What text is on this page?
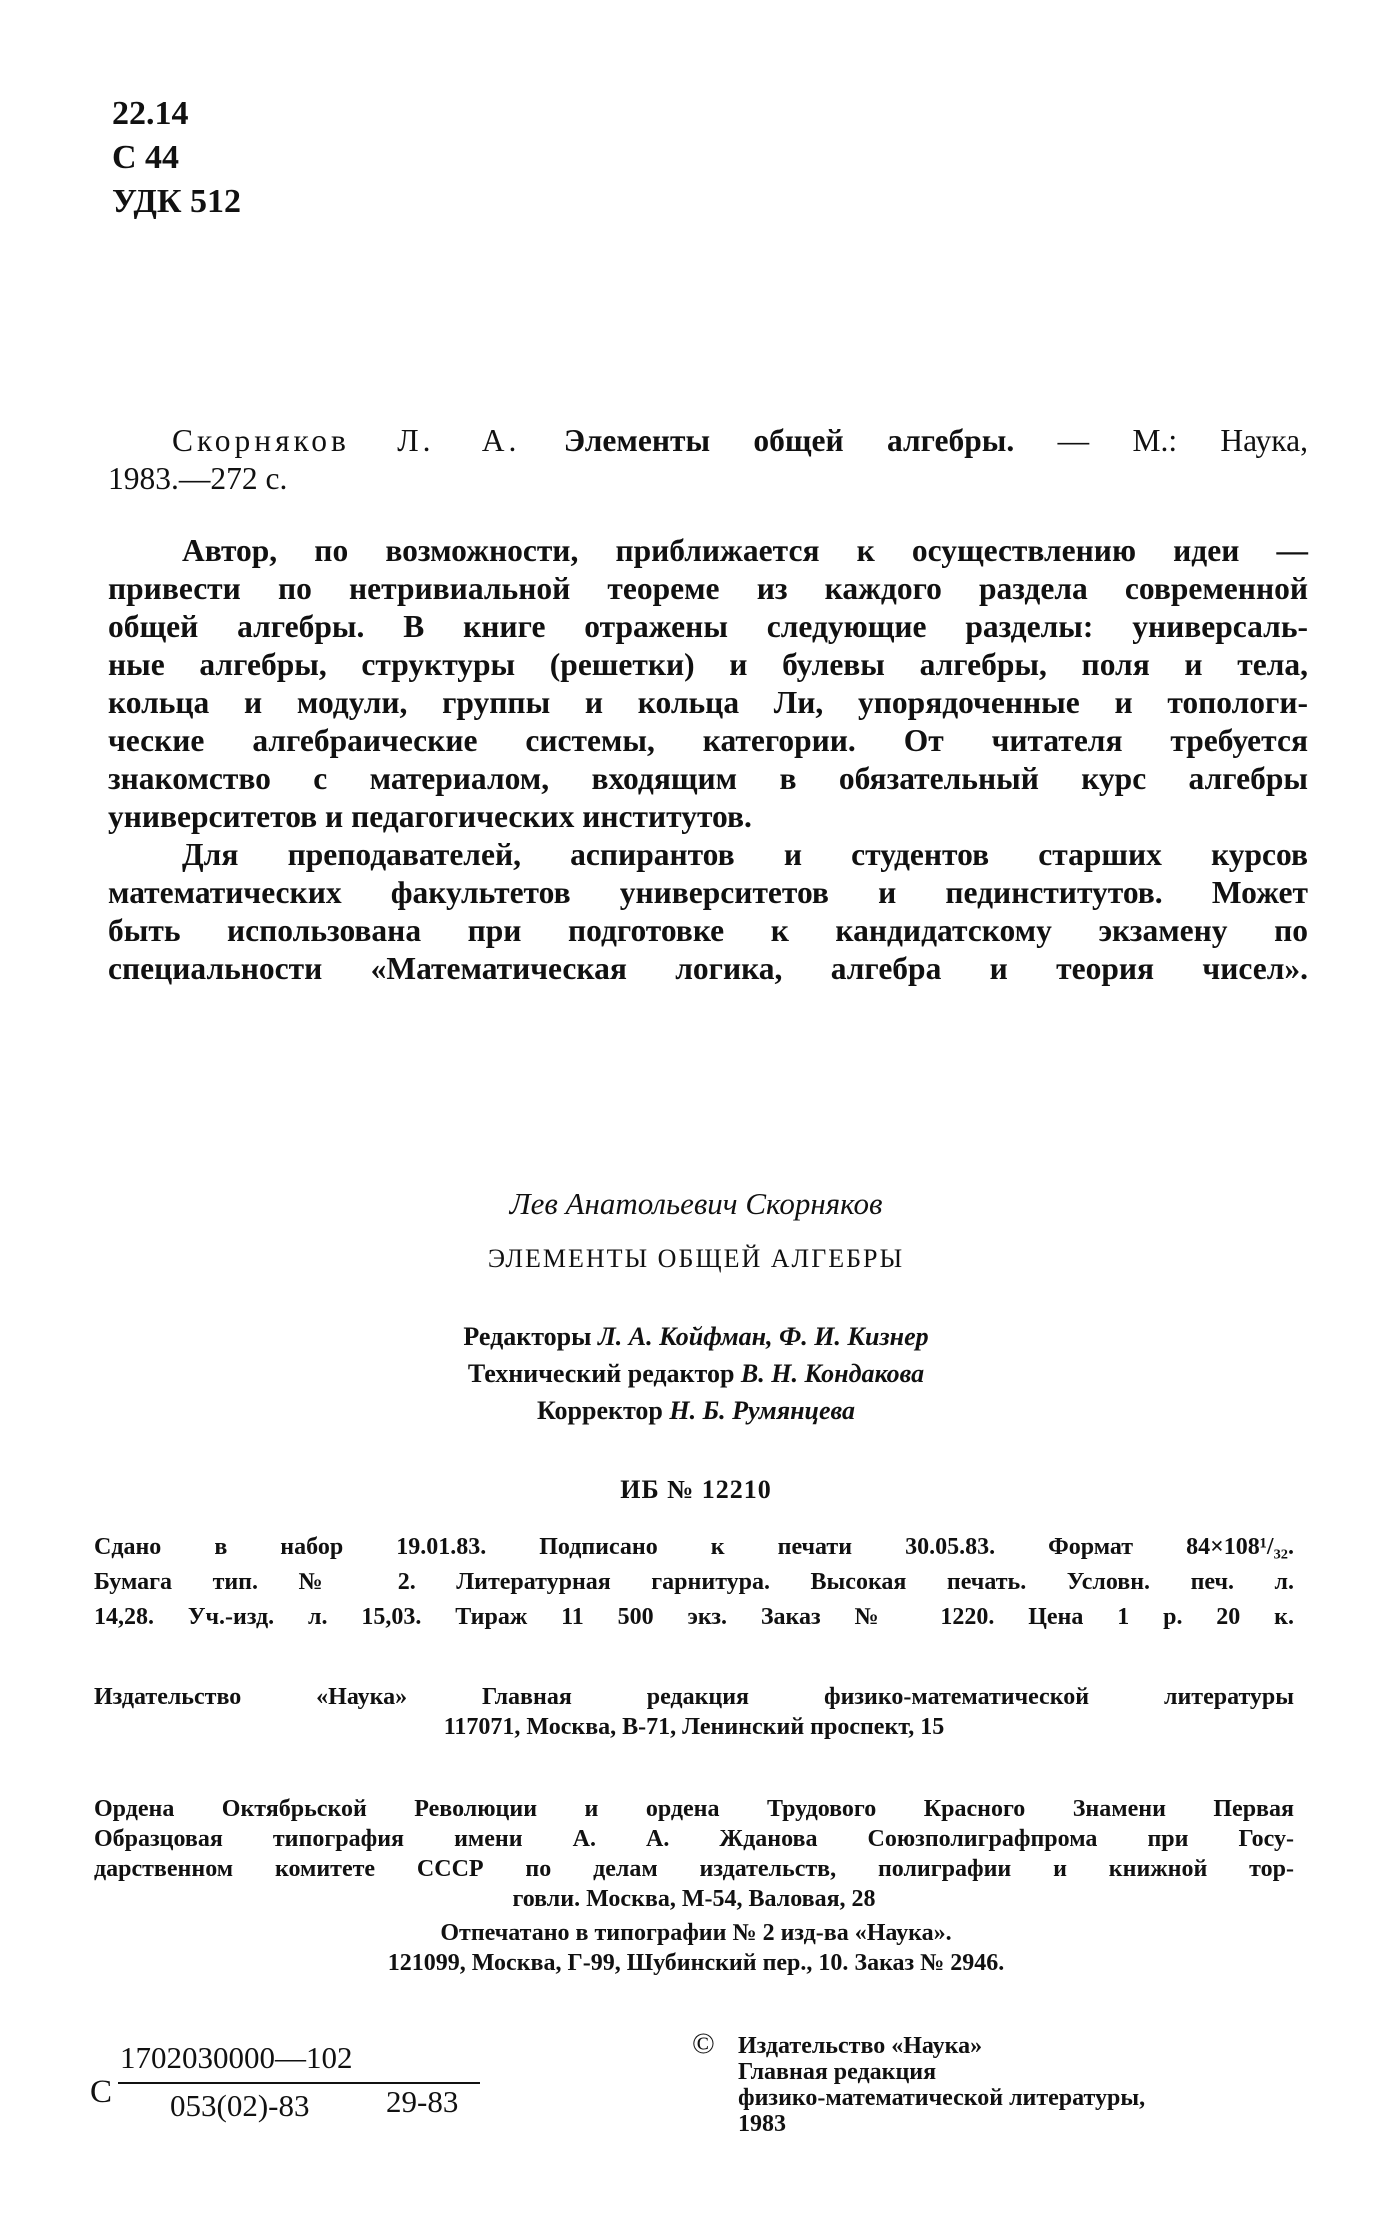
22.14
С 44
УДК 512
Скорняков Л. А. Элементы общей алгебры. — М.: Наука,
1983.—272 с.
Автор, по возможности, приближается к осуществлению идеи —
привести по нетривиальной теореме из каждого раздела современной
общей алгебры. В книге отражены следующие разделы: универсаль-
ные алгебры, структуры (решетки) и булевы алгебры, поля и тела,
кольца и модули, группы и кольца Ли, упорядоченные и топологи-
ческие алгебраические системы, категории. От читателя требуется
знакомство с материалом, входящим в обязательный курс алгебры
университетов и педагогических институтов.
Для преподавателей, аспирантов и студентов старших курсов
математических факультетов университетов и пединститутов. Может
быть использована при подготовке к кандидатскому экзамену по
специальности «Математическая логика, алгебра и теория чисел».
Лев Анатольевич Скорняков
ЭЛЕМЕНТЫ ОБЩЕЙ АЛГЕБРЫ
Редакторы Л. А. Койфман, Ф. И. Кизнер
Технический редактор В. Н. Кондакова
Корректор Н. Б. Румянцева
ИБ № 12210
Сдано в набор 19.01.83. Подписано к печати 30.05.83. Формат 84×108¹/₃₂.
Бумага тип. № 2. Литературная гарнитура. Высокая печать. Условн. печ. л.
14,28. Уч.-изд. л. 15,03. Тираж 11 500 экз. Заказ № 1220. Цена 1 р. 20 к.
Издательство «Наука» Главная редакция физико-математической литературы
117071, Москва, В-71, Ленинский проспект, 15
Ордена Октябрьской Революции и ордена Трудового Красного Знамени Первая
Образцовая типография имени А. А. Жданова Союзполиграфпрома при Госу-
дарственном комитете СССР по делам издательств, полиграфии и книжной тор-
говли. Москва, М-54, Валовая, 28
Отпечатано в типографии № 2 изд-ва «Наука».
121099, Москва, Г-99, Шубинский пер., 10. Заказ № 2946.
С
1702030000—102
053(02)-83 29-83
© Издательство «Наука»
Главная редакция
физико-математической литературы,
1983
